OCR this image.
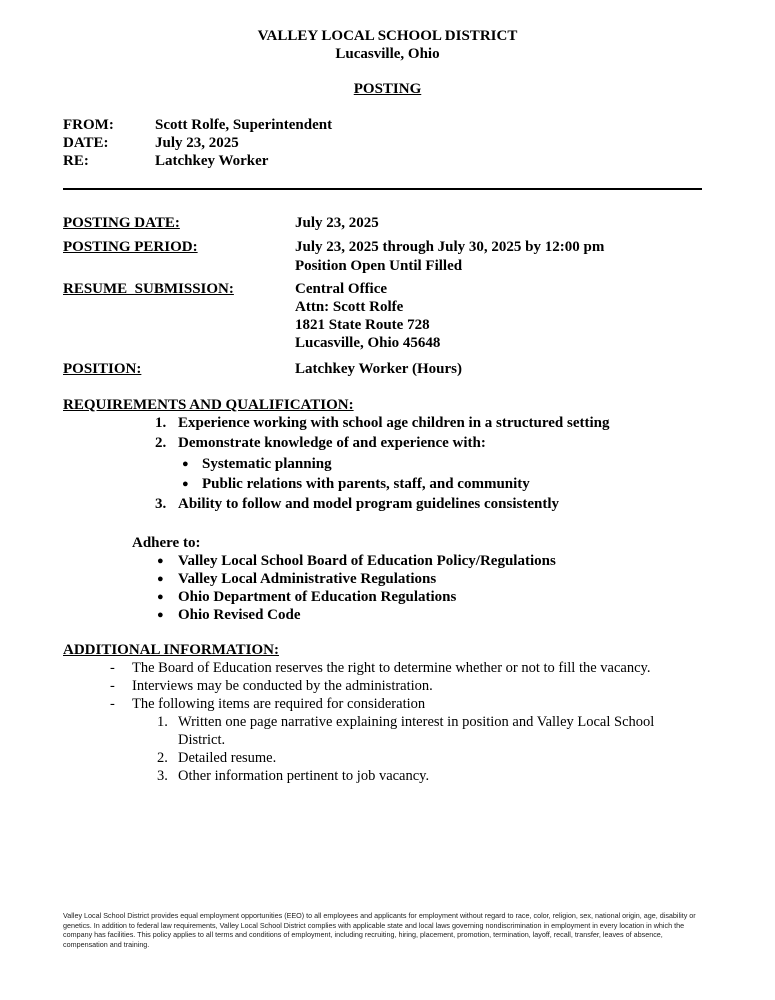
VALLEY LOCAL SCHOOL DISTRICT
Lucasville, Ohio
POSTING
FROM:	Scott Rolfe, Superintendent
DATE:	July 23, 2025
RE:	Latchkey Worker
POSTING DATE:	July 23, 2025
POSTING PERIOD:	July 23, 2025 through July 30, 2025 by 12:00 pm
Position Open Until Filled
RESUME  SUBMISSION:	Central Office
Attn: Scott Rolfe
1821 State Route 728
Lucasville, Ohio 45648
POSITION:	Latchkey Worker (Hours)
REQUIREMENTS AND QUALIFICATION:
1. Experience working with school age children in a structured setting
2. Demonstrate knowledge of and experience with:
● Systematic planning
● Public relations with parents, staff, and community
3. Ability to follow and model program guidelines consistently
Adhere to:
● Valley Local School Board of Education Policy/Regulations
● Valley Local Administrative Regulations
● Ohio Department of Education Regulations
● Ohio Revised Code
ADDITIONAL INFORMATION:
- The Board of Education reserves the right to determine whether or not to fill the vacancy.
- Interviews may be conducted by the administration.
- The following items are required for consideration
1. Written one page narrative explaining interest in position and Valley Local School
District.
2. Detailed resume.
3. Other information pertinent to job vacancy.
Valley Local School District provides equal employment opportunities (EEO) to all employees and applicants for employment without regard to race, color, religion, sex, national origin, age, disability or genetics. In addition to federal law requirements, Valley Local School District complies with applicable state and local laws governing nondiscrimination in employment in every location in which the company has facilities. This policy applies to all terms and conditions of employment, including recruiting, hiring, placement, promotion, termination, layoff, recall, transfer, leaves of absence, compensation and training.
